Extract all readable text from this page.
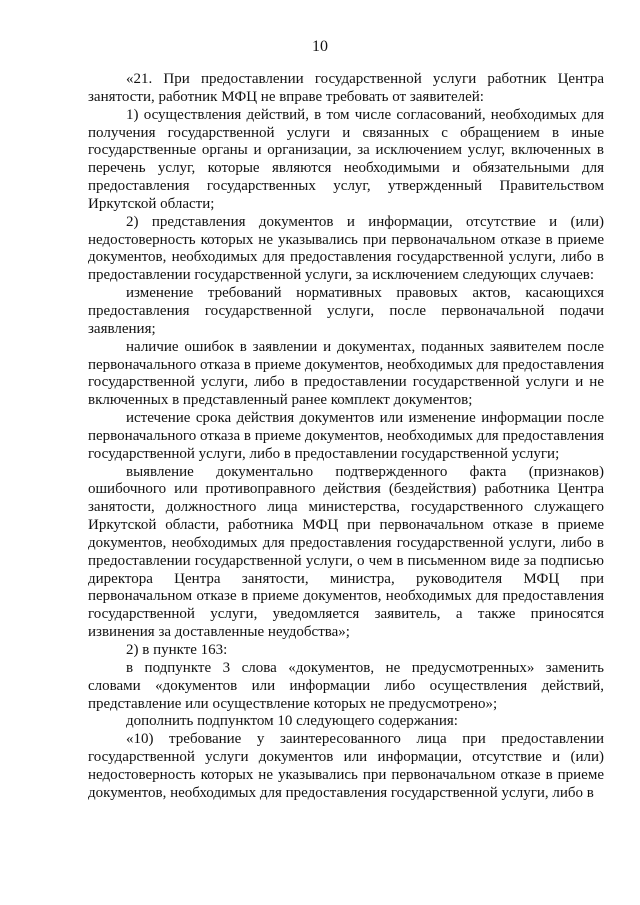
10

«21. При предоставлении государственной услуги работник Центра занятости, работник МФЦ не вправе требовать от заявителей:

1) осуществления действий, в том числе согласований, необходимых для получения государственной услуги и связанных с обращением в иные государственные органы и организации, за исключением услуг, включенных в перечень услуг, которые являются необходимыми и обязательными для предоставления государственных услуг, утвержденный Правительством Иркутской области;

2) представления документов и информации, отсутствие и (или) недостоверность которых не указывались при первоначальном отказе в приеме документов, необходимых для предоставления государственной услуги, либо в предоставлении государственной услуги, за исключением следующих случаев:

изменение требований нормативных правовых актов, касающихся предоставления государственной услуги, после первоначальной подачи заявления;

наличие ошибок в заявлении и документах, поданных заявителем после первоначального отказа в приеме документов, необходимых для предоставления государственной услуги, либо в предоставлении государственной услуги и не включенных в представленный ранее комплект документов;

истечение срока действия документов или изменение информации после первоначального отказа в приеме документов, необходимых для предоставления государственной услуги, либо в предоставлении государственной услуги;

выявление документально подтвержденного факта (признаков) ошибочного или противоправного действия (бездействия) работника Центра занятости, должностного лица министерства, государственного служащего Иркутской области, работника МФЦ при первоначальном отказе в приеме документов, необходимых для предоставления государственной услуги, либо в предоставлении государственной услуги, о чем в письменном виде за подписью директора Центра занятости, министра, руководителя МФЦ при первоначальном отказе в приеме документов, необходимых для предоставления государственной услуги, уведомляется заявитель, а также приносятся извинения за доставленные неудобства»;

2) в пункте 163:

в подпункте 3 слова «документов, не предусмотренных» заменить словами «документов или информации либо осуществления действий, представление или осуществление которых не предусмотрено»;

дополнить подпунктом 10 следующего содержания:

«10) требование у заинтересованного лица при предоставлении государственной услуги документов или информации, отсутствие и (или) недостоверность которых не указывались при первоначальном отказе в приеме документов, необходимых для предоставления государственной услуги, либо в
